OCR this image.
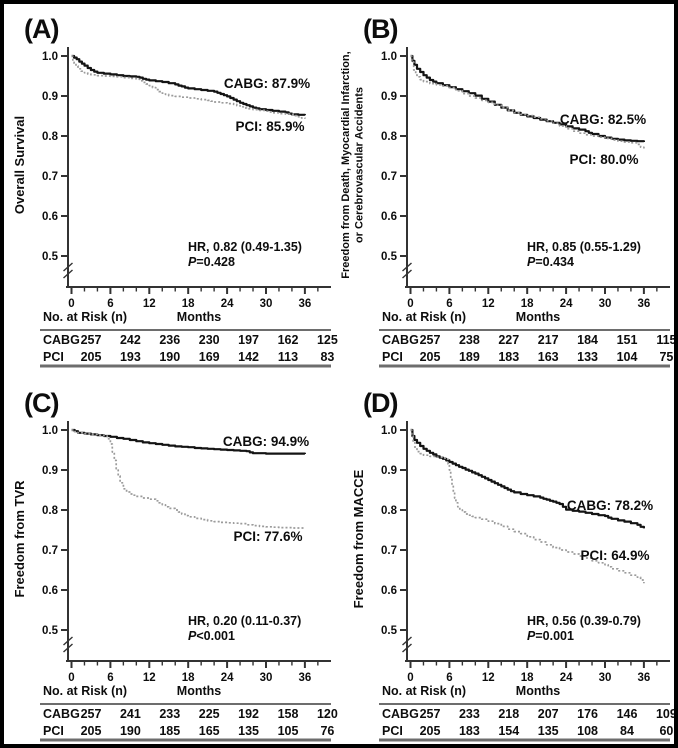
(A)
1.0
0.9
0.8
0.7
0.6
0.5
0	6	12 18 24 30 36
CABG: 87.9%
PCI: 85.9%
HR, 0.82 (0.49-1.35)
P=0.428
Overall Survival
Months
No. at Risk (n)
CABG 257 242 236 230 197 162 125
PCI 205 193 190 169 142 113 83
(B)
1.0
0.9
0.8
0.7
0.6
0.5
0	6	12 18 24 30 36
CABG: 82.5%
PCI: 80.0%
HR, 0.85 (0.55-1.29)
P=0.434
Freedom from Death, Myocardial Infarction, or Cerebrovascular Accidents
Months
No. at Risk (n)
CABG 257 238 227 217 184 151 115
PCI 205 189 183 163 133 104 75
(C)
1.0
0.9
0.8
0.7
0.6
0.5
0	6	12 18 24 30 36
CABG: 94.9%
PCI: 77.6%
HR, 0.20 (0.11-0.37)
P<0.001
Freedom from TVR
Months
No. at Risk (n)
CABG 257 241 233 225 192 158 120
PCI 205 190 185 165 135 105 76
(D)
1.0
0.9
0.8
0.7
0.6
0.5
0	6	12 18 24 30 36
CABG: 78.2%
PCI: 64.9%
HR, 0.56 (0.39-0.79)
P=0.001
Freedom from MACCE
Months
No. at Risk (n)
CABG 257 233 218 207 176 146 109
PCI 205 183 154 135 108 84 60
